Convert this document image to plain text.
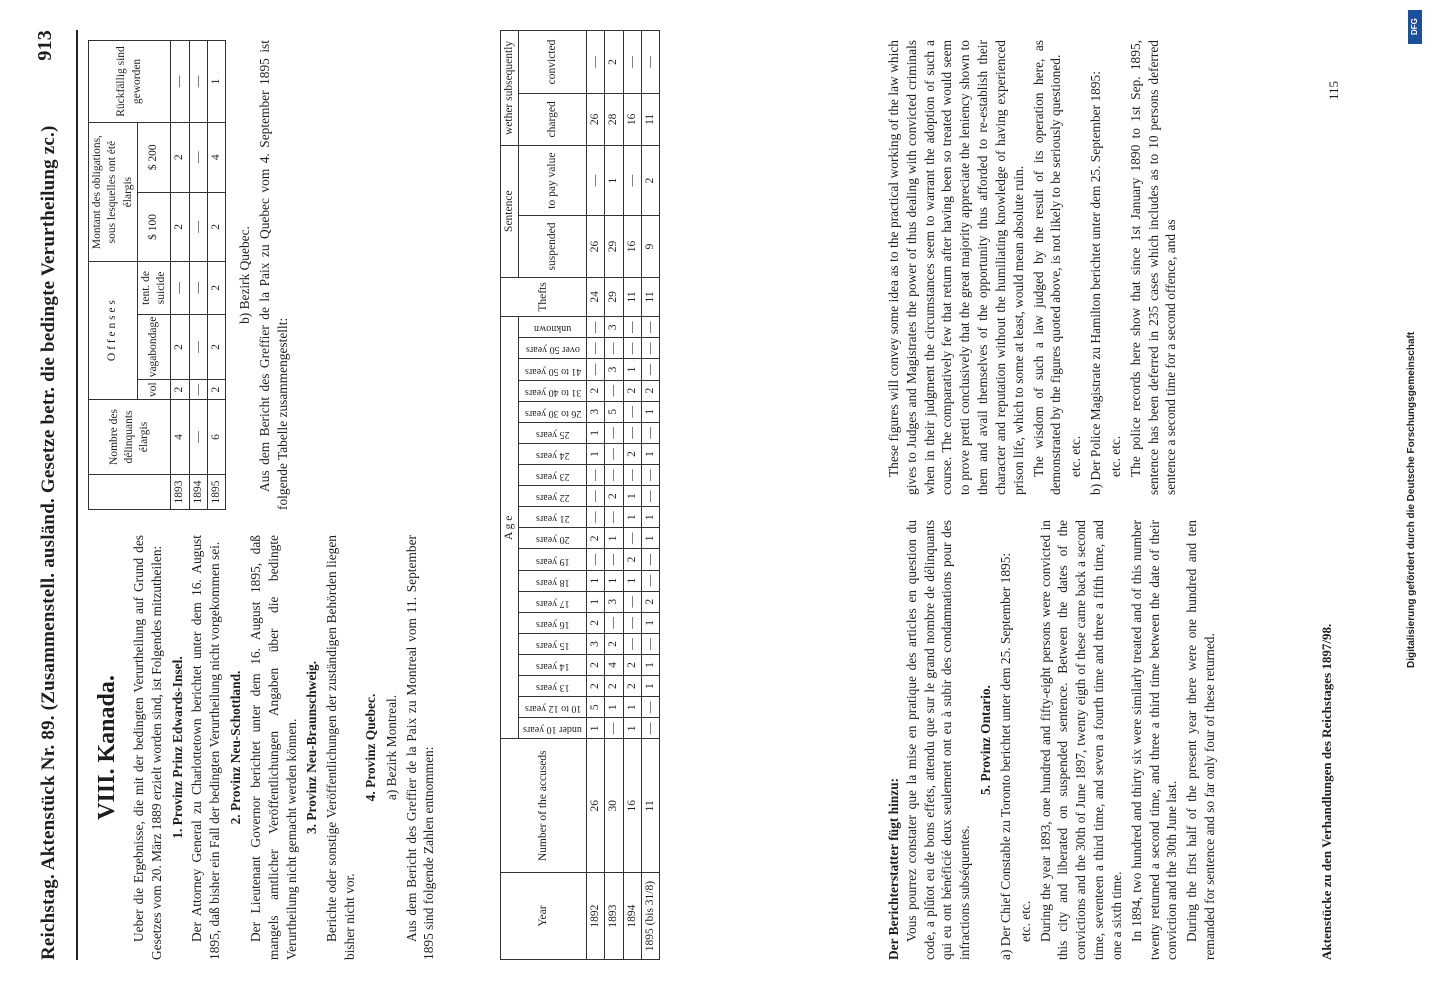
Reichstag. Aktenstück Nr. 89. (Zusammenstell. ausländ. Gesetze betr. die bedingte Verurtheilung zc.)
913
VIII. Kanada. Ueber die Ergebnisse, die mit der bedingten Verurtheilung auf Grund des Gesetzes vom 20. März 1889 erzielt worden sind, ist Folgendes mitzutheilen: 1. Provinz Prinz Edwards-Insel. Der Attorney General zu Charlottetown berichtet unter dem 16. August 1895, daß bisher ein Fall der bedingten Verurtheilung nicht vorgekommen sei. 2. Provinz Neu-Schottland. Der Lieutenant Governor berichtet unter dem 16. August 1895, daß mangels amtlicher Veröffentlichungen Angaben über die bedingte Verurtheilung nicht gemacht werden können. 3. Provinz Neu-Braunschweig. Berichte oder sonstige Veröffentlichungen der zuständigen Behörden liegen bisher nicht vor.

4. Provinz Quebec. a) Bezirk Montreal. Aus dem Bericht des Greffier de la Paix zu Montreal vom 11. September 1895 sind folgende Zahlen entnommen:

	Nombre des délinquants élargis	O f f e n s e s			Montant des obligations, sous lesquelles ont été élargis		Rückfällig sind geworden
		vol	vagabondage	tent. de suicide	$ 100	$ 200	
1893	4	2	2	—	2	2	—
1894	—	—	—	—	—	—	—
1895	6	2	2	2	2	4	1
b) Bezirk Quebec. Aus dem Bericht des Greffier de la Paix zu Quebec vom 4. September 1895 ist folgende Tabelle zusammengestellt:

Year	Number of the accuseds	A g e																				Thefts	Sentence		wether subsequently	

		under 10 years	10 to 12 years	13 years	14 years	15 years	16 years	17 years	18 years	19 years	20 years	21 years	22 years	23 years	24 years	25 years	26 to 30 years	31 to 40 years	41 to 50 years	over 50 years	unknown		suspended	to pay value	charged	convicted
1892	26	1	5	2	2	3	2	1	1	—	2	—	—	—	1	1	3	2	—	—	—	24	26	—	26	—
1893	30	—	1	2	4	2	—	3	1	—	1	—	2	—	—	—	5	—	3	—	3	29	29	1	28	2
1894	16	1	1	2	2	—	—	—	1	2	—	1	1	—	2	—	—	2	1	—	—	11	16	—	16	—
1895 (bis 31/8)	11	—	—	1	1	—	1	2	—	—	1	1	—	—	1	—	1	2	—	—	—	11	9	2	11	—
Der Berichterstatter fügt hinzu: Vous pourrez constater que la mise en pratique des articles en question du code, a plûtot eu de bons effets, attendu que sur le grand nombre de délinquants qui eu ont bénéficié deux seulement ont eu à subir des condamnations pour des infractions subséquentes.

5. Provinz Ontario. a) Der Chief Constable zu Toronto berichtet unter dem 25. September 1895: etc. etc. During the year 1893, one hundred and fifty-eight persons were convicted in this city and liberated on suspended sentence. Between the dates of the convictions and the 30th of June 1897, twenty eigth of these came back a second time, seventeen a third time, and seven a fourth time and three a fifth time, and one a sixth time. In 1894, two hundred and thirty six were similarly treated and of this number twenty returned a second time, and three a third time between the date of their conviction and the 30th June last. During the first half of the present year there were one hundred and ten remanded for sentence and so far only four of these returned.

These figures will convey some idea as to the practical working of the law which gives to Judges and Magistrates the power of thus dealing with convicted criminals when in their judgment the circumstances seem to warrant the adoption of such a course. The comparatively few that return after having been so treated would seem to prove pretti conclusively that the great majority appreciate the leniency shown to them and avail themselves of the opportunity thus afforded to re-establish their character and reputation without the humiliating knowledge of having experienced prison life, which to some at least, would mean absolute ruin. The wisdom of such a law judged by the result of its operation here, as demonstrated by the figures quoted above, is not likely to be seriously questioned. etc. etc. b) Der Police Magistrate zu Hamilton berichtet unter dem 25. September 1895: etc. etc. The police records here show that since 1st January 1890 to 1st Sep. 1895, sentence has been deferred in 235 cases which includes as to 10 persons deferred sentence a second time for a second offence, and as

Aktenstücke zu den Verhandlungen des Reichstages 1897/98.
115
Digitalisierung gefördert durch die Deutsche Forschungsgemeinschaft
DFG
